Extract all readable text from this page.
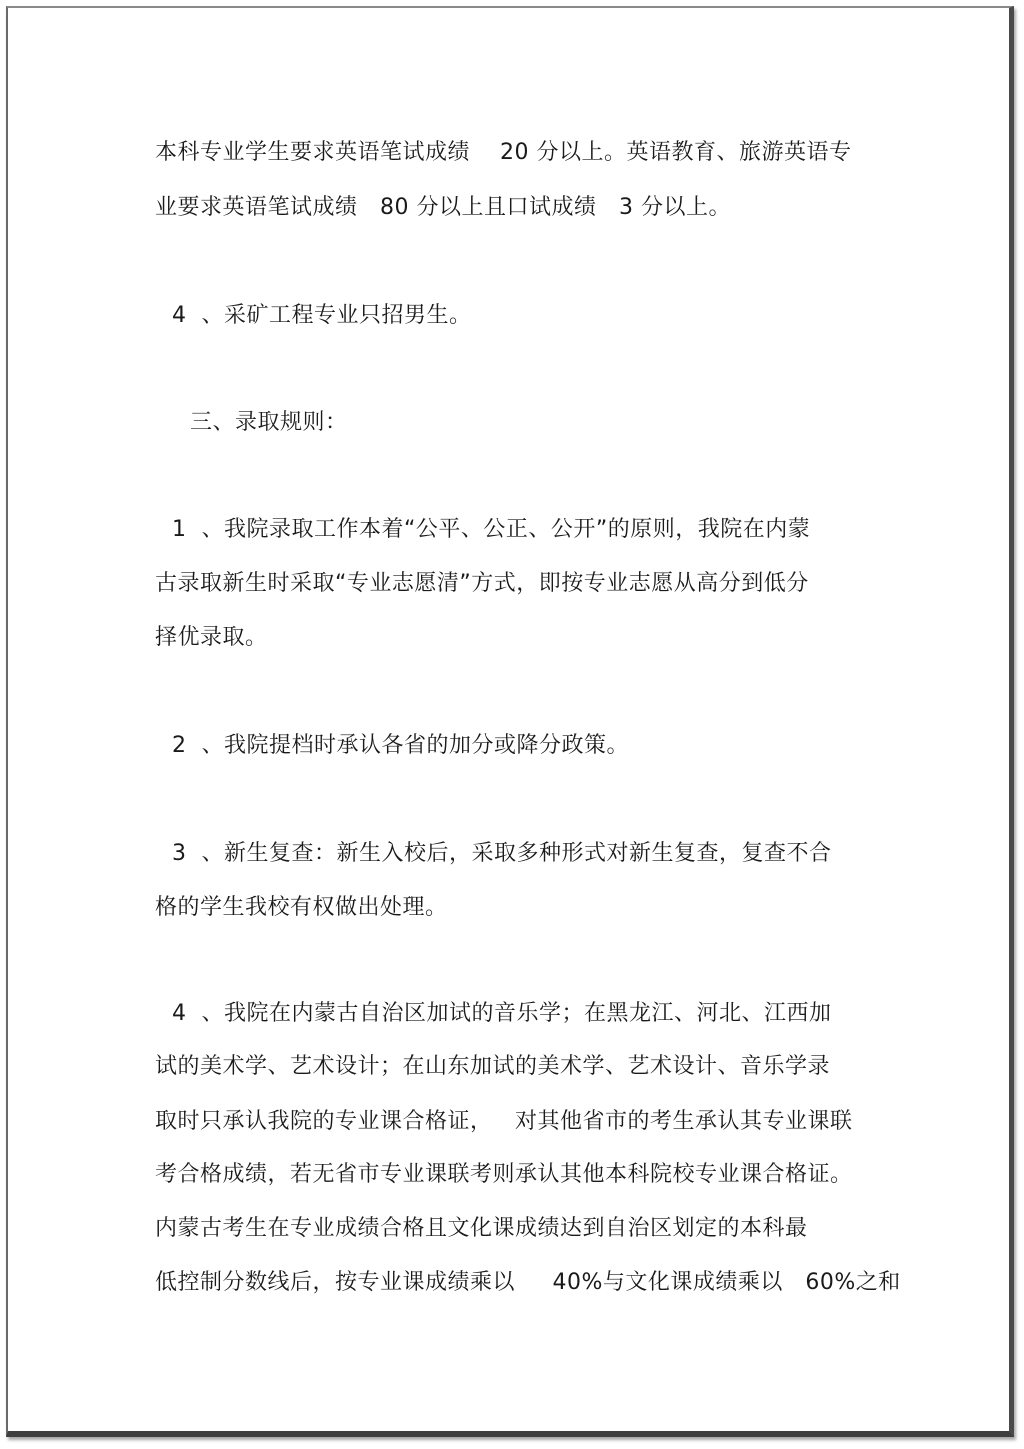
本科专业学生要求英语笔试成绩    20 分以上。英语教育、旅游英语专
业要求英语笔试成绩   80 分以上且口试成绩   3 分以上。
4  、采矿工程专业只招男生。
三、录取规则：
1  、我院录取工作本着“公平、公正、公开”的原则，我院在内蒙
古录取新生时采取“专业志愿清”方式，即按专业志愿从高分到低分
择优录取。
2  、我院提档时承认各省的加分或降分政策。
3  、新生复查：新生入校后，采取多种形式对新生复查，复查不合
格的学生我校有权做出处理。
4  、我院在内蒙古自治区加试的音乐学；在黑龙江、河北、江西加
试的美术学、艺术设计；在山东加试的美术学、艺术设计、音乐学录
取时只承认我院的专业课合格证，   对其他省市的考生承认其专业课联
考合格成绩，若无省市专业课联考则承认其他本科院校专业课合格证。
内蒙古考生在专业成绩合格且文化课成绩达到自治区划定的本科最
低控制分数线后，按专业课成绩乘以     40%与文化课成绩乘以   60%之和
